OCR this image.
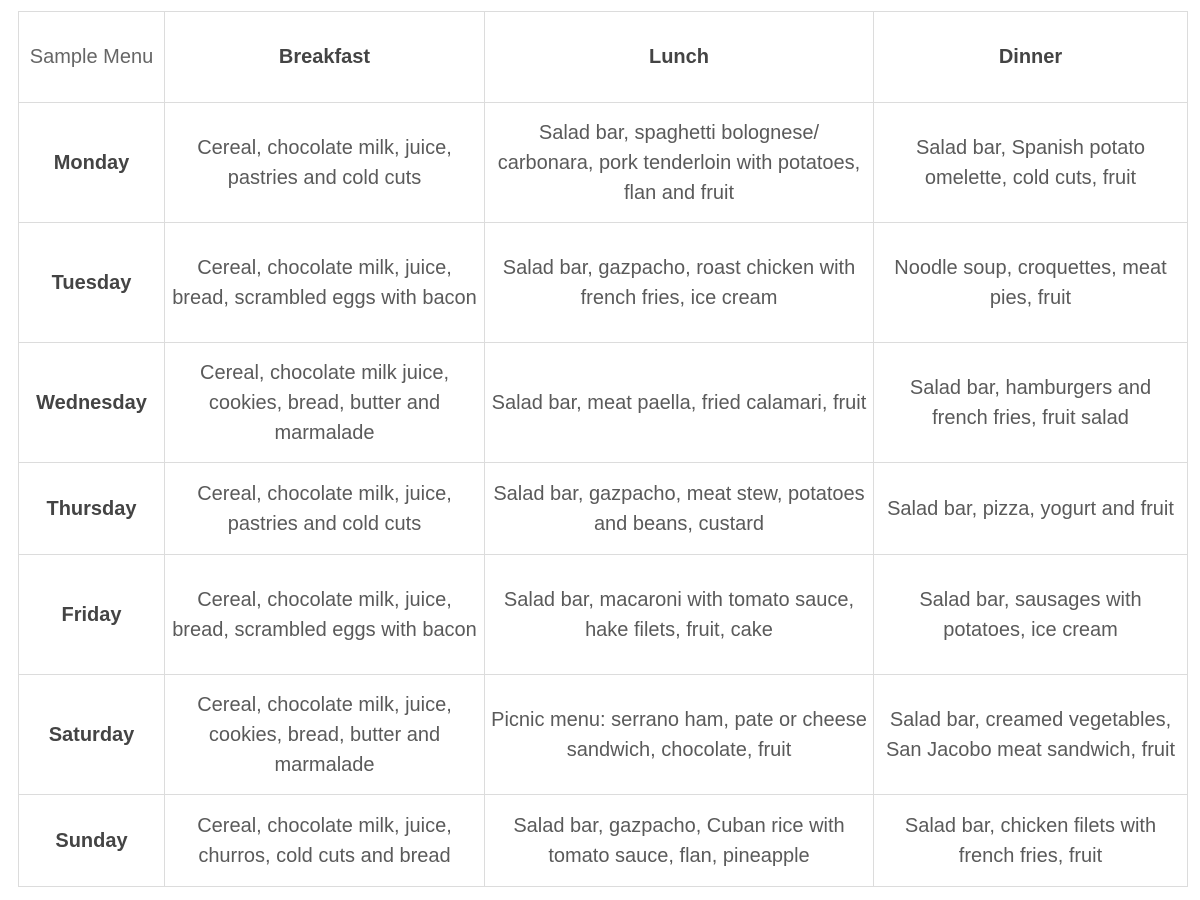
Sample Menu	Breakfast	Lunch	Dinner
Monday	Cereal, chocolate milk, juice, pastries and cold cuts	Salad bar, spaghetti bolognese/ carbonara, pork tenderloin with potatoes, flan and fruit	Salad bar, Spanish potato omelette, cold cuts, fruit
Tuesday	Cereal, chocolate milk, juice, bread, scrambled eggs with bacon	Salad bar, gazpacho, roast chicken with french fries, ice cream	Noodle soup, croquettes, meat pies, fruit
Wednesday	Cereal, chocolate milk juice, cookies, bread, butter and marmalade	Salad bar, meat paella, fried calamari, fruit	Salad bar, hamburgers and french fries, fruit salad
Thursday	Cereal, chocolate milk, juice, pastries and cold cuts	Salad bar, gazpacho, meat stew, potatoes and beans, custard	Salad bar, pizza, yogurt and fruit
Friday	Cereal, chocolate milk, juice, bread, scrambled eggs with bacon	Salad bar, macaroni with tomato sauce, hake filets, fruit, cake	Salad bar, sausages with potatoes, ice cream
Saturday	Cereal, chocolate milk, juice, cookies, bread, butter and marmalade	Picnic menu: serrano ham, pate or cheese sandwich, chocolate, fruit	Salad bar, creamed vegetables, San Jacobo meat sandwich, fruit
Sunday	Cereal, chocolate milk, juice, churros, cold cuts and bread	Salad bar, gazpacho, Cuban rice with tomato sauce, flan, pineapple	Salad bar, chicken filets with french fries, fruit
